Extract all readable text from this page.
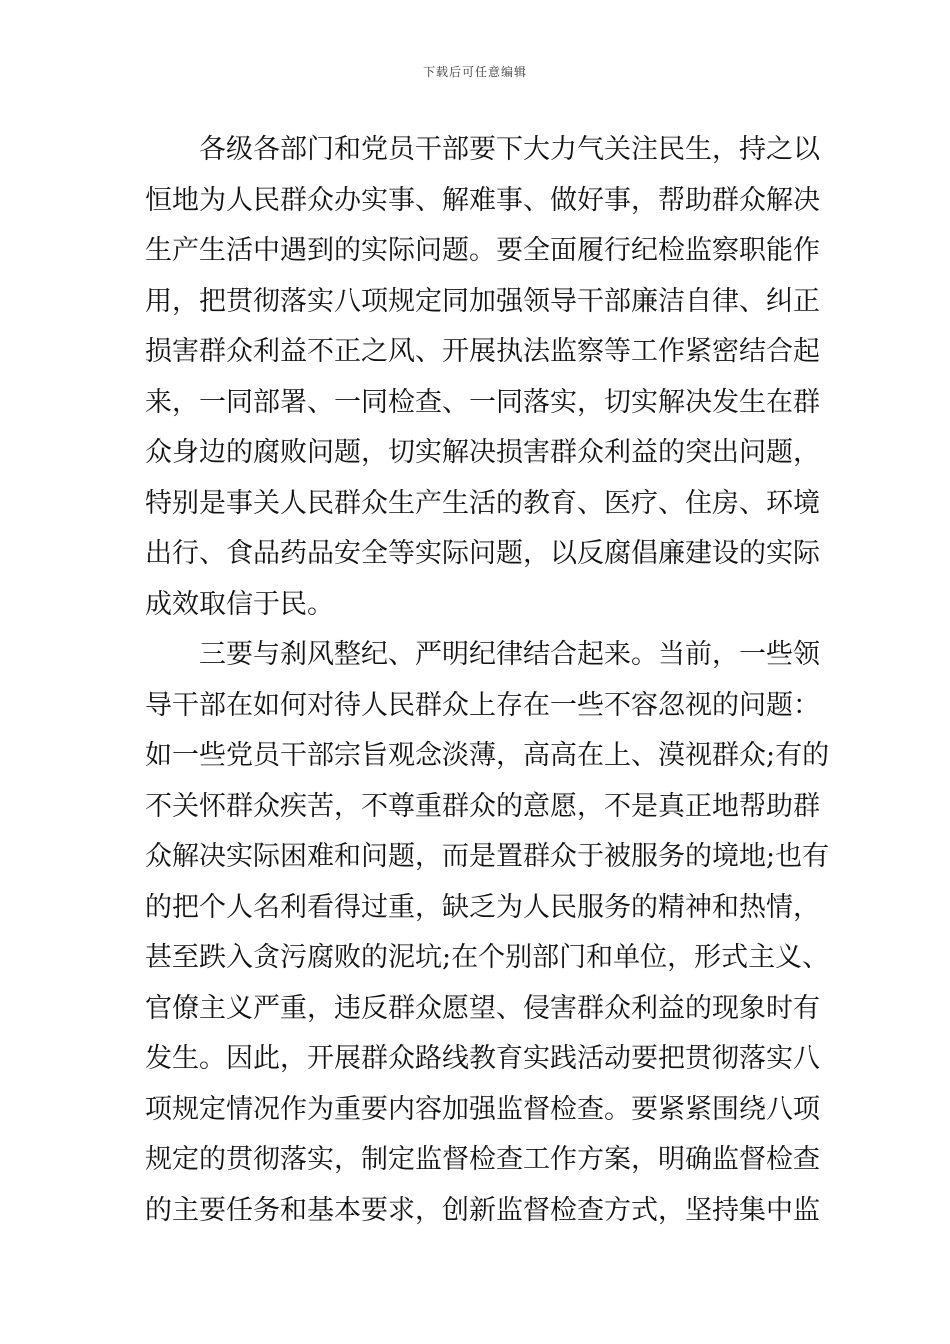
下载后可任意编辑
各级各部门和党员干部要下大力气关注民生，持之以
恒地为人民群众办实事、解难事、做好事，帮助群众解决
生产生活中遇到的实际问题。要全面履行纪检监察职能作
用，把贯彻落实八项规定同加强领导干部廉洁自律、纠正
损害群众利益不正之风、开展执法监察等工作紧密结合起
来，一同部署、一同检查、一同落实，切实解决发生在群
众身边的腐败问题，切实解决损害群众利益的突出问题，
特别是事关人民群众生产生活的教育、医疗、住房、环境
出行、食品药品安全等实际问题，以反腐倡廉建设的实际
成效取信于民。
三要与刹风整纪、严明纪律结合起来。当前，一些领
导干部在如何对待人民群众上存在一些不容忽视的问题：
如一些党员干部宗旨观念淡薄，高高在上、漠视群众;有的
不关怀群众疾苦，不尊重群众的意愿，不是真正地帮助群
众解决实际困难和问题，而是置群众于被服务的境地;也有
的把个人名利看得过重，缺乏为人民服务的精神和热情，
甚至跌入贪污腐败的泥坑;在个别部门和单位，形式主义、
官僚主义严重，违反群众愿望、侵害群众利益的现象时有
发生。因此，开展群众路线教育实践活动要把贯彻落实八
项规定情况作为重要内容加强监督检查。要紧紧围绕八项
规定的贯彻落实，制定监督检查工作方案，明确监督检查
的主要任务和基本要求，创新监督检查方式，坚持集中监
